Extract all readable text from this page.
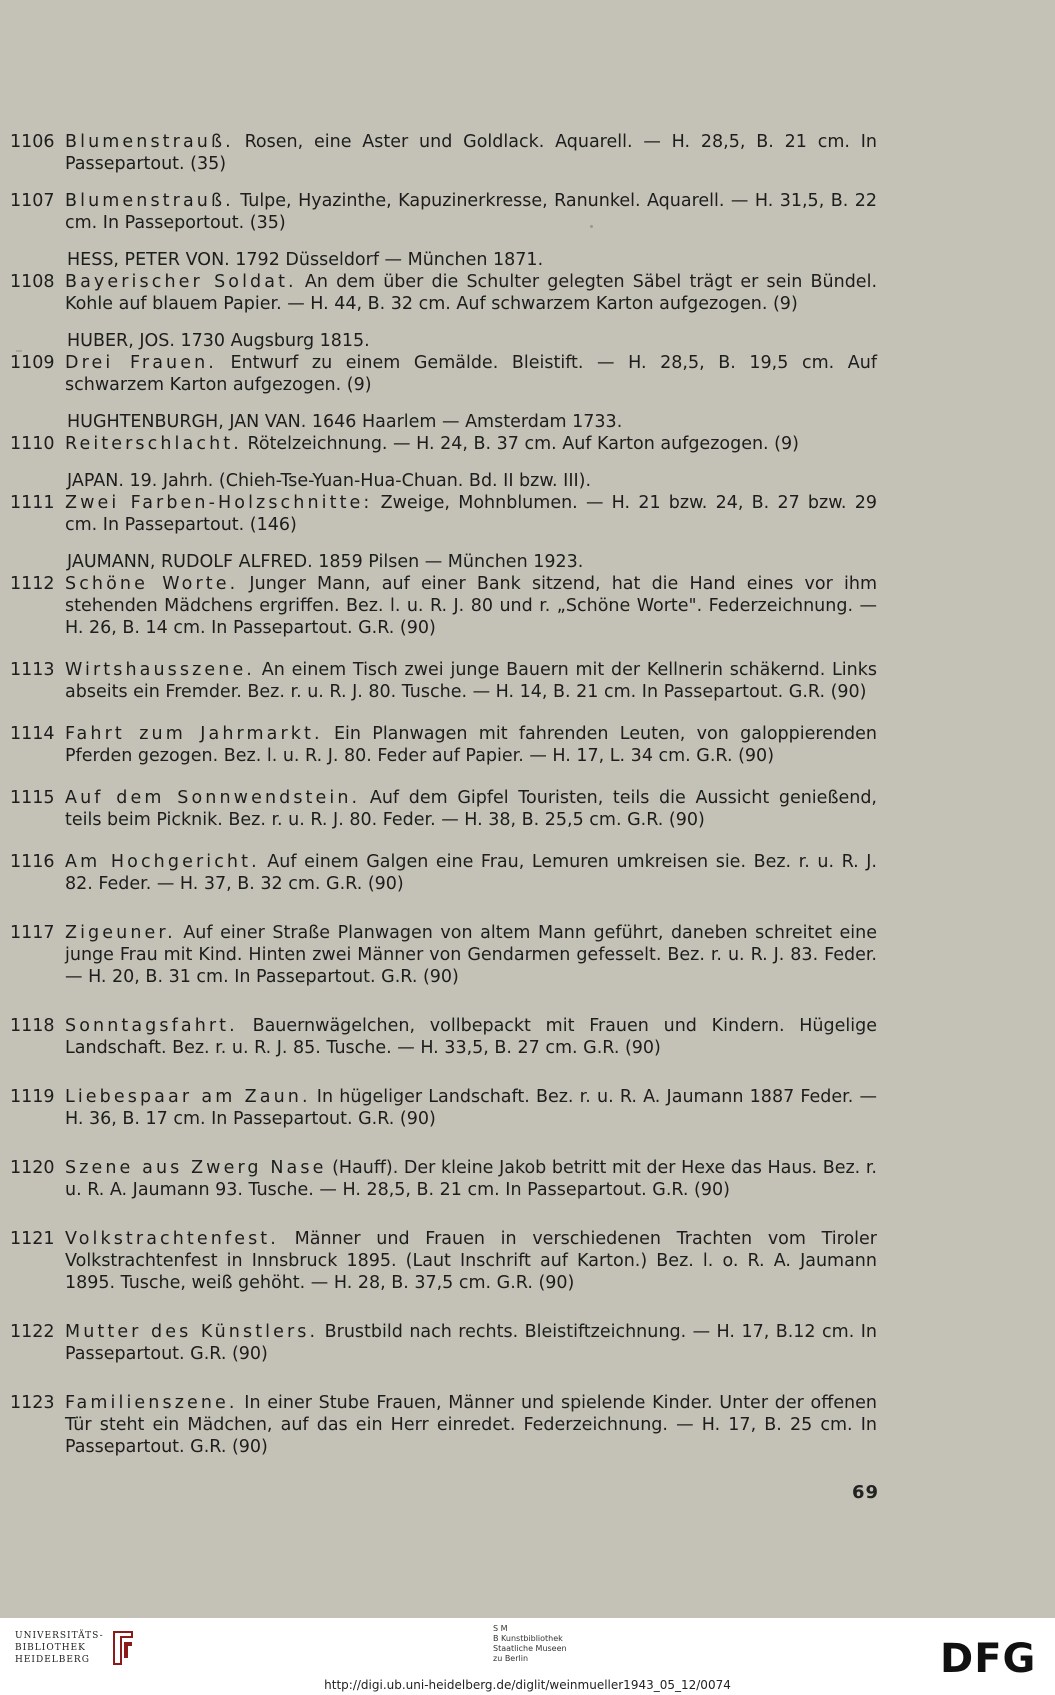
1106 Blumenstrauß. Rosen, eine Aster und Goldlack. Aquarell. — H. 28,5, B. 21 cm. In Passepartout. (35)
1107 Blumenstrauß. Tulpe, Hyazinthe, Kapuzinerkresse, Ranunkel. Aquarell. — H. 31,5, B. 22 cm. In Passeportout. (35)
HESS, PETER VON. 1792 Düsseldorf — München 1871.
1108 Bayerischer Soldat. An dem über die Schulter gelegten Säbel trägt er sein Bündel. Kohle auf blauem Papier. — H. 44, B. 32 cm. Auf schwarzem Karton aufgezogen. (9)
HUBER, JOS. 1730 Augsburg 1815.
1109 Drei Frauen. Entwurf zu einem Gemälde. Bleistift. — H. 28,5, B. 19,5 cm. Auf schwarzem Karton aufgezogen. (9)
HUGHTENBURGH, JAN VAN. 1646 Haarlem — Amsterdam 1733.
1110 Reiterschlacht. Rötelzeichnung. — H. 24, B. 37 cm. Auf Karton aufgezogen. (9)
JAPAN. 19. Jahrh. (Chieh-Tse-Yuan-Hua-Chuan. Bd. II bzw. III).
1111 Zwei Farben-Holzschnitte: Zweige, Mohnblumen. — H. 21 bzw. 24, B. 27 bzw. 29 cm. In Passepartout. (146)
JAUMANN, RUDOLF ALFRED. 1859 Pilsen — München 1923.
1112 Schöne Worte. Junger Mann, auf einer Bank sitzend, hat die Hand eines vor ihm stehenden Mädchens ergriffen. Bez. l. u. R. J. 80 und r. „Schöne Worte". Federzeichnung. — H. 26, B. 14 cm. In Passepartout. G.R. (90)
1113 Wirtshausszene. An einem Tisch zwei junge Bauern mit der Kellnerin schäkernd. Links abseits ein Fremder. Bez. r. u. R. J. 80. Tusche. — H. 14, B. 21 cm. In Passepartout. G.R. (90)
1114 Fahrt zum Jahrmarkt. Ein Planwagen mit fahrenden Leuten, von galoppierenden Pferden gezogen. Bez. l. u. R. J. 80. Feder auf Papier. — H. 17, L. 34 cm. G.R. (90)
1115 Auf dem Sonnwendstein. Auf dem Gipfel Touristen, teils die Aussicht genießend, teils beim Picknik. Bez. r. u. R. J. 80. Feder. — H. 38, B. 25,5 cm. G.R. (90)
1116 Am Hochgericht. Auf einem Galgen eine Frau, Lemuren umkreisen sie. Bez. r. u. R. J. 82. Feder. — H. 37, B. 32 cm. G.R. (90)
1117 Zigeuner. Auf einer Straße Planwagen von altem Mann geführt, daneben schreitet eine junge Frau mit Kind. Hinten zwei Männer von Gendarmen gefesselt. Bez. r. u. R. J. 83. Feder. — H. 20, B. 31 cm. In Passepartout. G.R. (90)
1118 Sonntagsfahrt. Bauernwägelchen, vollbepackt mit Frauen und Kindern. Hügelige Landschaft. Bez. r. u. R. J. 85. Tusche. — H. 33,5, B. 27 cm. G.R. (90)
1119 Liebespaar am Zaun. In hügeliger Landschaft. Bez. r. u. R. A. Jaumann 1887 Feder. — H. 36, B. 17 cm. In Passepartout. G.R. (90)
1120 Szene aus Zwerg Nase (Hauff). Der kleine Jakob betritt mit der Hexe das Haus. Bez. r. u. R. A. Jaumann 93. Tusche. — H. 28,5, B. 21 cm. In Passepartout. G.R. (90)
1121 Volkstrachtenfest. Männer und Frauen in verschiedenen Trachten vom Tiroler Volkstrachtenfest in Innsbruck 1895. (Laut Inschrift auf Karton.) Bez. l. o. R. A. Jaumann 1895. Tusche, weiß gehöht. — H. 28, B. 37,5 cm. G.R. (90)
1122 Mutter des Künstlers. Brustbild nach rechts. Bleistiftzeichnung. — H. 17, B.12 cm. In Passepartout. G.R. (90)
1123 Familienszene. In einer Stube Frauen, Männer und spielende Kinder. Unter der offenen Tür steht ein Mädchen, auf das ein Herr einredet. Federzeichnung. — H. 17, B. 25 cm. In Passepartout. G.R. (90)
69
UNIVERSITÄTS-
BIBLIOTHEK
HEIDELBERG
S M
B Kunstbibliothek
Staatliche Museen
zu Berlin	DFG
http://digi.ub.uni-heidelberg.de/diglit/weinmueller1943_05_12/0074
